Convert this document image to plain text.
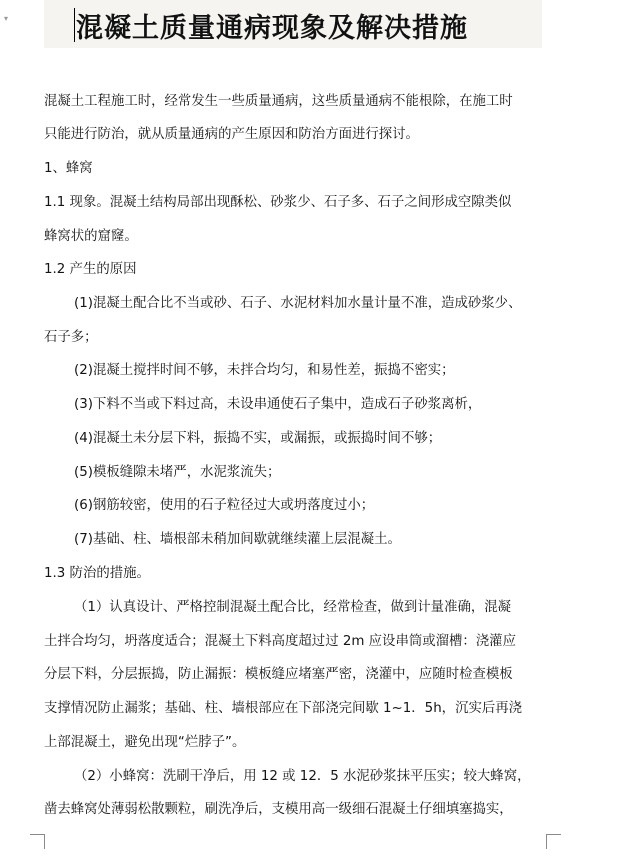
▾	混凝土质量通病现象及解决措施
混凝土工程施工时，经常发生一些质量通病，这些质量通病不能根除，在施工时
只能进行防治，就从质量通病的产生原因和防治方面进行探讨。
1、蜂窝
1.1 现象。混凝土结构局部出现酥松、砂浆少、石子多、石子之间形成空隙类似
蜂窝状的窟窿。
1.2 产生的原因
(1)混凝土配合比不当或砂、石子、水泥材料加水量计量不准，造成砂浆少、
石子多；
(2)混凝土搅拌时间不够，未拌合均匀，和易性差，振捣不密实；
(3)下料不当或下料过高，未设串通使石子集中，造成石子砂浆离析，
(4)混凝土未分层下料，振捣不实，或漏振，或振捣时间不够；
(5)模板缝隙未堵严，水泥浆流失；
(6)钢筋较密，使用的石子粒径过大或坍落度过小；
(7)基础、柱、墙根部未稍加间歇就继续灌上层混凝土。
1.3 防治的措施。
（1）认真设计、严格控制混凝土配合比，经常检查，做到计量准确，混凝
土拌合均匀，坍落度适合；混凝土下料高度超过过 2m 应设串筒或溜槽：浇灌应
分层下料，分层振捣，防止漏振：模板缝应堵塞严密，浇灌中，应随时检查模板
支撑情况防止漏浆；基础、柱、墙根部应在下部浇完间歇 1~1．5h，沉实后再浇
上部混凝土，避免出现“烂脖子”。
（2）小蜂窝：洗刷干净后，用 12 或 12．5 水泥砂浆抹平压实；较大蜂窝，
凿去蜂窝处薄弱松散颗粒，刷洗净后，支模用高一级细石混凝土仔细填塞捣实，
